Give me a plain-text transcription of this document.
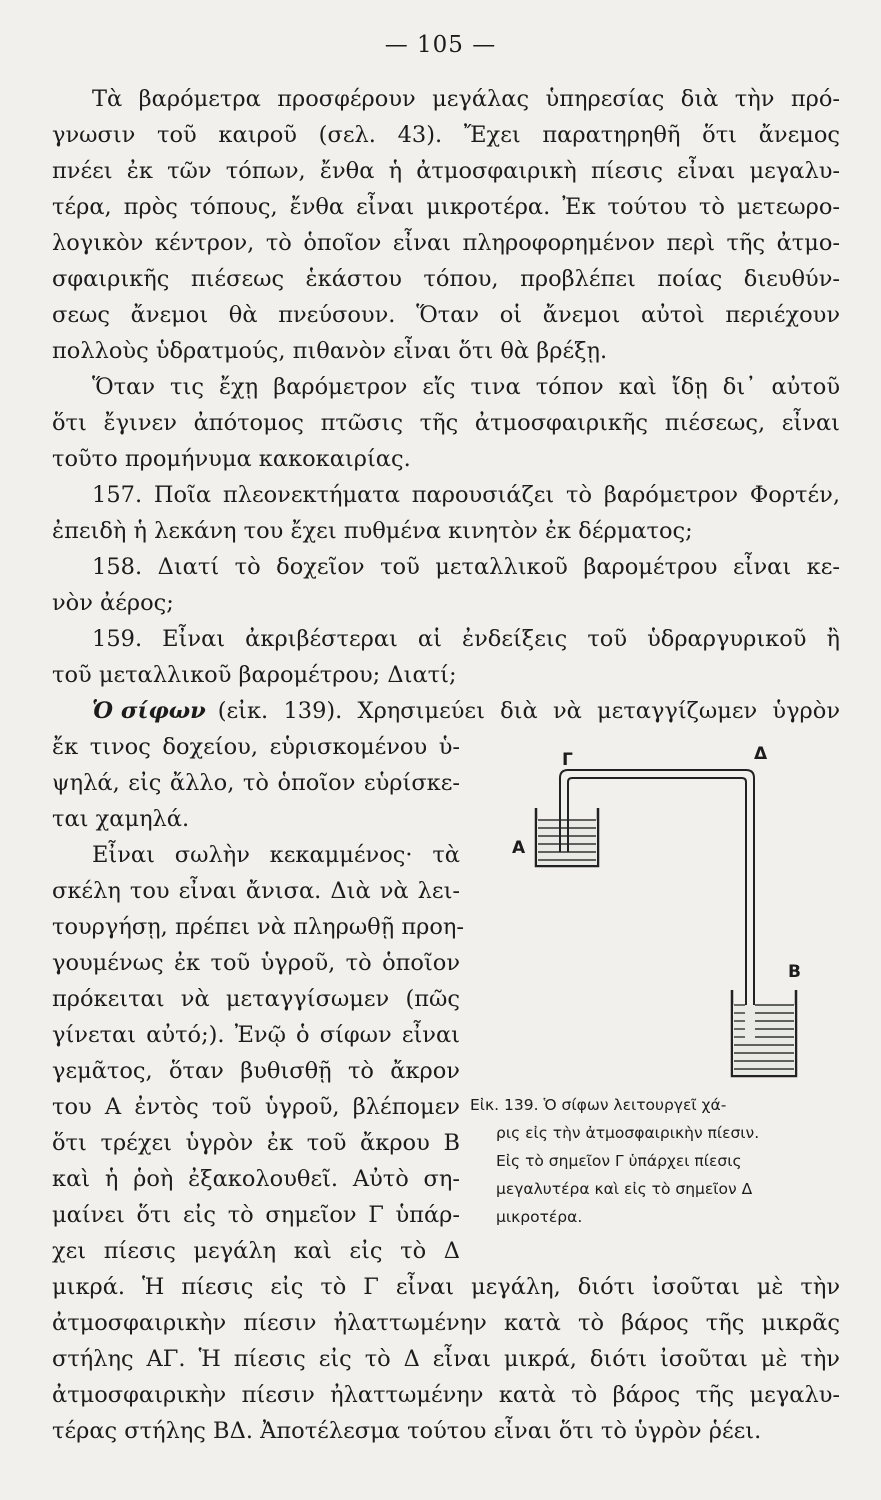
— 105 —
Τὰ βαρόμετρα προσφέρουν μεγάλας ὑπηρεσίας διὰ τὴν πρό-
γνωσιν τοῦ καιροῦ (σελ. 43). Ἔχει παρατηρηθῆ ὅτι ἄνεμος
πνέει ἐκ τῶν τόπων, ἔνθα ἡ ἀτμοσφαιρικὴ πίεσις εἶναι μεγαλυ-
τέρα, πρὸς τόπους, ἔνθα εἶναι μικροτέρα. Ἐκ τούτου τὸ μετεωρο-
λογικὸν κέντρον, τὸ ὁποῖον εἶναι πληροφορημένον περὶ τῆς ἀτμο-
σφαιρικῆς πιέσεως ἑκάστου τόπου, προβλέπει ποίας διευθύν-
σεως ἄνεμοι θὰ πνεύσουν. Ὅταν οἱ ἄνεμοι αὐτοὶ περιέχουν
πολλοὺς ὑδρατμούς, πιθανὸν εἶναι ὅτι θὰ βρέξῃ.
Ὅταν τις ἔχῃ βαρόμετρον εἴς τινα τόπον καὶ ἴδῃ δι᾽ αὐτοῦ
ὅτι ἔγινεν ἀπότομος πτῶσις τῆς ἀτμοσφαιρικῆς πιέσεως, εἶναι
τοῦτο προμήνυμα κακοκαιρίας.
157. Ποῖα πλεονεκτήματα παρουσιάζει τὸ βαρόμετρον Φορτέν,
ἐπειδὴ ἡ λεκάνη του ἔχει πυθμένα κινητὸν ἐκ δέρματος;
158. Διατί τὸ δοχεῖον τοῦ μεταλλικοῦ βαρομέτρου εἶναι κε-
νὸν ἀέρος;
159. Εἶναι ἀκριβέστεραι αἱ ἐνδείξεις τοῦ ὑδραργυρικοῦ ἢ
τοῦ μεταλλικοῦ βαρομέτρου; Διατί;
Ὁ σίφων (εἰκ. 139). Χρησιμεύει διὰ νὰ μεταγγίζωμεν ὑγρὸν
ἔκ τινος δοχείου, εὑρισκομένου ὑ-
ψηλά, εἰς ἄλλο, τὸ ὁποῖον εὑρίσκε-
ται χαμηλά.
Εἶναι σωλὴν κεκαμμένος· τὰ
σκέλη του εἶναι ἄνισα. Διὰ νὰ λει-
τουργήσῃ, πρέπει νὰ πληρωθῇ προη-
γουμένως ἐκ τοῦ ὑγροῦ, τὸ ὁποῖον
πρόκειται νὰ μεταγγίσωμεν (πῶς
γίνεται αὐτό;). Ἐνῷ ὁ σίφων εἶναι
γεμᾶτος, ὅταν βυθισθῇ τὸ ἄκρον
του Α ἐντὸς τοῦ ὑγροῦ, βλέπομεν
ὅτι τρέχει ὑγρὸν ἐκ τοῦ ἄκρου Β
καὶ ἡ ῥοὴ ἐξακολουθεῖ. Αὐτὸ ση-
μαίνει ὅτι εἰς τὸ σημεῖον Γ ὑπάρ-
χει πίεσις μεγάλη καὶ εἰς τὸ Δ
μικρά. Ἡ πίεσις εἰς τὸ Γ εἶναι μεγάλη, διότι ἰσοῦται μὲ τὴν
ἀτμοσφαιρικὴν πίεσιν ἠλαττωμένην κατὰ τὸ βάρος τῆς μικρᾶς
στήλης ΑΓ. Ἡ πίεσις εἰς τὸ Δ εἶναι μικρά, διότι ἰσοῦται μὲ τὴν
ἀτμοσφαιρικὴν πίεσιν ἠλαττωμένην κατὰ τὸ βάρος τῆς μεγαλυ-
τέρας στήλης ΒΔ. Ἀποτέλεσμα τούτου εἶναι ὅτι τὸ ὑγρὸν ῥέει.
Γ	Δ
Α
Β
Εἰκ. 139. Ὁ σίφων λειτουργεῖ χά-
ρις εἰς τὴν ἀτμοσφαιρικὴν πίεσιν.
Εἰς τὸ σημεῖον Γ ὑπάρχει πίεσις
μεγαλυτέρα καὶ εἰς τὸ σημεῖον Δ
μικροτέρα.
